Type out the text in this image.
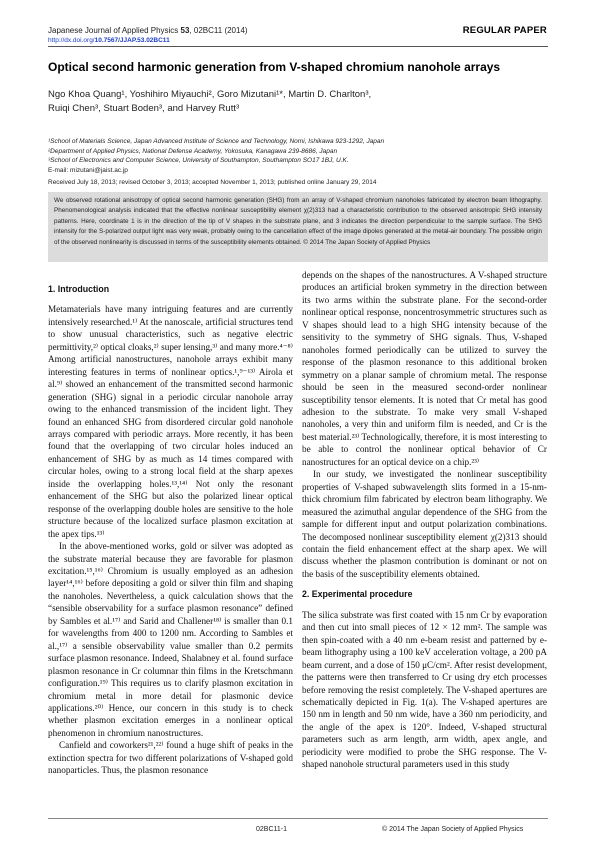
Japanese Journal of Applied Physics 53, 02BC11 (2014)
http://dx.doi.org/10.7567/JJAP.53.02BC11
REGULAR PAPER
Optical second harmonic generation from V-shaped chromium nanohole arrays
Ngo Khoa Quang¹, Yoshihiro Miyauchi², Goro Mizutani¹*, Martin D. Charlton³,
Ruiqi Chen³, Stuart Boden³, and Harvey Rutt³
¹School of Materials Science, Japan Advanced Institute of Science and Technology, Nomi, Ishikawa 923-1292, Japan
²Department of Applied Physics, National Defense Academy, Yokosuka, Kanagawa 239-8686, Japan
³School of Electronics and Computer Science, University of Southampton, Southampton SO17 1BJ, U.K.
E-mail: mizutani@jaist.ac.jp
Received July 18, 2013; revised October 3, 2013; accepted November 1, 2013; published online January 29, 2014
We observed rotational anisotropy of optical second harmonic generation (SHG) from an array of V-shaped chromium nanoholes fabricated by electron beam lithography. Phenomenological analysis indicated that the effective nonlinear susceptibility element χ(2)313 had a characteristic contribution to the observed anisotropic SHG intensity patterns. Here, coordinate 1 is in the direction of the tip of V shapes in the substrate plane, and 3 indicates the direction perpendicular to the sample surface. The SHG intensity for the S-polarized output light was very weak, probably owing to the cancellation effect of the image dipoles generated at the metal-air boundary. The possible origin of the observed nonlinearity is discussed in terms of the susceptibility elements obtained. © 2014 The Japan Society of Applied Physics
1. Introduction

Metamaterials have many intriguing features and are currently intensively researched.¹⁾ At the nanoscale, artificial structures tend to show unusual characteristics, such as negative electric permittivity,²⁾ optical cloaks,²⁾ super lensing,³⁾ and many more.⁴⁻⁸⁾ Among artificial nanostructures, nanohole arrays exhibit many interesting features in terms of nonlinear optics.¹,⁹⁻¹³⁾ Airola et al.⁹⁾ showed an enhancement of the transmitted second harmonic generation (SHG) signal in a periodic circular nanohole array owing to the enhanced transmission of the incident light. They found an enhanced SHG from disordered circular gold nanohole arrays compared with periodic arrays. More recently, it has been found that the overlapping of two circular holes induced an enhancement of SHG by as much as 14 times compared with circular holes, owing to a strong local field at the sharp apexes inside the overlapping holes.¹³,¹⁴⁾ Not only the resonant enhancement of the SHG but also the polarized linear optical response of the overlapping double holes are sensitive to the hole structure because of the localized surface plasmon excitation at the apex tips.¹³⁾

In the above-mentioned works, gold or silver was adopted as the substrate material because they are favorable for plasmon excitation.¹⁵,¹⁶⁾ Chromium is usually employed as an adhesion layer¹⁴,¹⁶⁾ before depositing a gold or silver thin film and shaping the nanoholes. Nevertheless, a quick calculation shows that the “sensible observability for a surface plasmon resonance” defined by Sambles et al.¹⁷⁾ and Sarid and Challener¹⁸⁾ is smaller than 0.1 for wavelengths from 400 to 1200 nm. According to Sambles et al.,¹⁷⁾ a sensible observability value smaller than 0.2 permits surface plasmon resonance. Indeed, Shalabney et al. found surface plasmon resonance in Cr columnar thin films in the Kretschmann configuration.¹⁹⁾ This requires us to clarify plasmon excitation in chromium metal in more detail for plasmonic device applications.²⁰⁾ Hence, our concern in this study is to check whether plasmon excitation emerges in a nonlinear optical phenomenon in chromium nanostructures.

Canfield and coworkers²¹,²²⁾ found a huge shift of peaks in the extinction spectra for two different polarizations of V-shaped gold nanoparticles. Thus, the plasmon resonance

depends on the shapes of the nanostructures. A V-shaped structure produces an artificial broken symmetry in the direction between its two arms within the substrate plane. For the second-order nonlinear optical response, noncentrosymmetric structures such as V shapes should lead to a high SHG intensity because of the sensitivity to the symmetry of SHG signals. Thus, V-shaped nanoholes formed periodically can be utilized to survey the response of the plasmon resonance to this additional broken symmetry on a planar sample of chromium metal. The response should be seen in the measured second-order nonlinear susceptibility tensor elements. It is noted that Cr metal has good adhesion to the substrate. To make very small V-shaped nanoholes, a very thin and uniform film is needed, and Cr is the best material.²³⁾ Technologically, therefore, it is most interesting to be able to control the nonlinear optical behavior of Cr nanostructures for an optical device on a chip.²³⁾

In our study, we investigated the nonlinear susceptibility properties of V-shaped subwavelength slits formed in a 15-nm-thick chromium film fabricated by electron beam lithography. We measured the azimuthal angular dependence of the SHG from the sample for different input and output polarization combinations. The decomposed nonlinear susceptibility element χ(2)313 should contain the field enhancement effect at the sharp apex. We will discuss whether the plasmon contribution is dominant or not on the basis of the susceptibility elements obtained.

2. Experimental procedure

The silica substrate was first coated with 15 nm Cr by evaporation and then cut into small pieces of 12 × 12 mm². The sample was then spin-coated with a 40 nm e-beam resist and patterned by e-beam lithography using a 100 keV acceleration voltage, a 200 pA beam current, and a dose of 150 μC/cm². After resist development, the patterns were then transferred to Cr using dry etch processes before removing the resist completely. The V-shaped apertures are schematically depicted in Fig. 1(a). The V-shaped apertures are 150 nm in length and 50 nm wide, have a 360 nm periodicity, and the angle of the apex is 120°. Indeed, V-shaped structural parameters such as arm length, arm width, apex angle, and periodicity were modified to probe the SHG response. The V-shaped nanohole structural parameters used in this study

02BC11-1	© 2014 The Japan Society of Applied Physics
